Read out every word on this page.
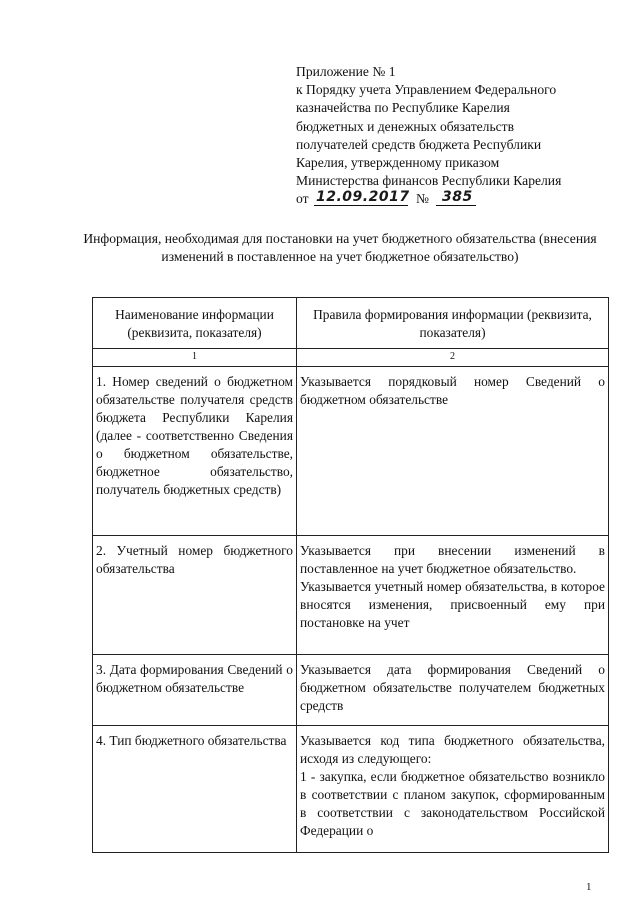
Приложение № 1
к Порядку учета Управлением Федерального
казначейства по Республике Карелия
бюджетных и денежных обязательств
получателей средств бюджета Республики
Карелия, утвержденному приказом
Министерства финансов Республики Карелия
от 12.09.2017 № 385
Информация, необходимая для постановки на учет бюджетного обязательства (внесения изменений в поставленное на учет бюджетное обязательство)
Наименование информации (реквизита, показателя)	Правила формирования информации (реквизита, показателя)
1	2
1. Номер сведений о бюджетном обязательстве получателя средств бюджета Республики Карелия (далее - соответственно Сведения о бюджетном обязательстве, бюджетное обязательство, получатель бюджетных средств)	Указывается порядковый номер Сведений о бюджетном обязательстве

2. Учетный номер бюджетного обязательства	Указывается при внесении изменений в поставленное на учет бюджетное обязательство.
Указывается учетный номер обязательства, в которое вносятся изменения, присвоенный ему при постановке на учет

3. Дата формирования Сведений о бюджетном обязательстве	Указывается дата формирования Сведений о бюджетном обязательстве получателем бюджетных средств

4. Тип бюджетного обязательства	Указывается код типа бюджетного обязательства, исходя из следующего:
1 - закупка, если бюджетное обязательство возникло в соответствии с планом закупок, сформированным в соответствии с законодательством Российской Федерации о
1
